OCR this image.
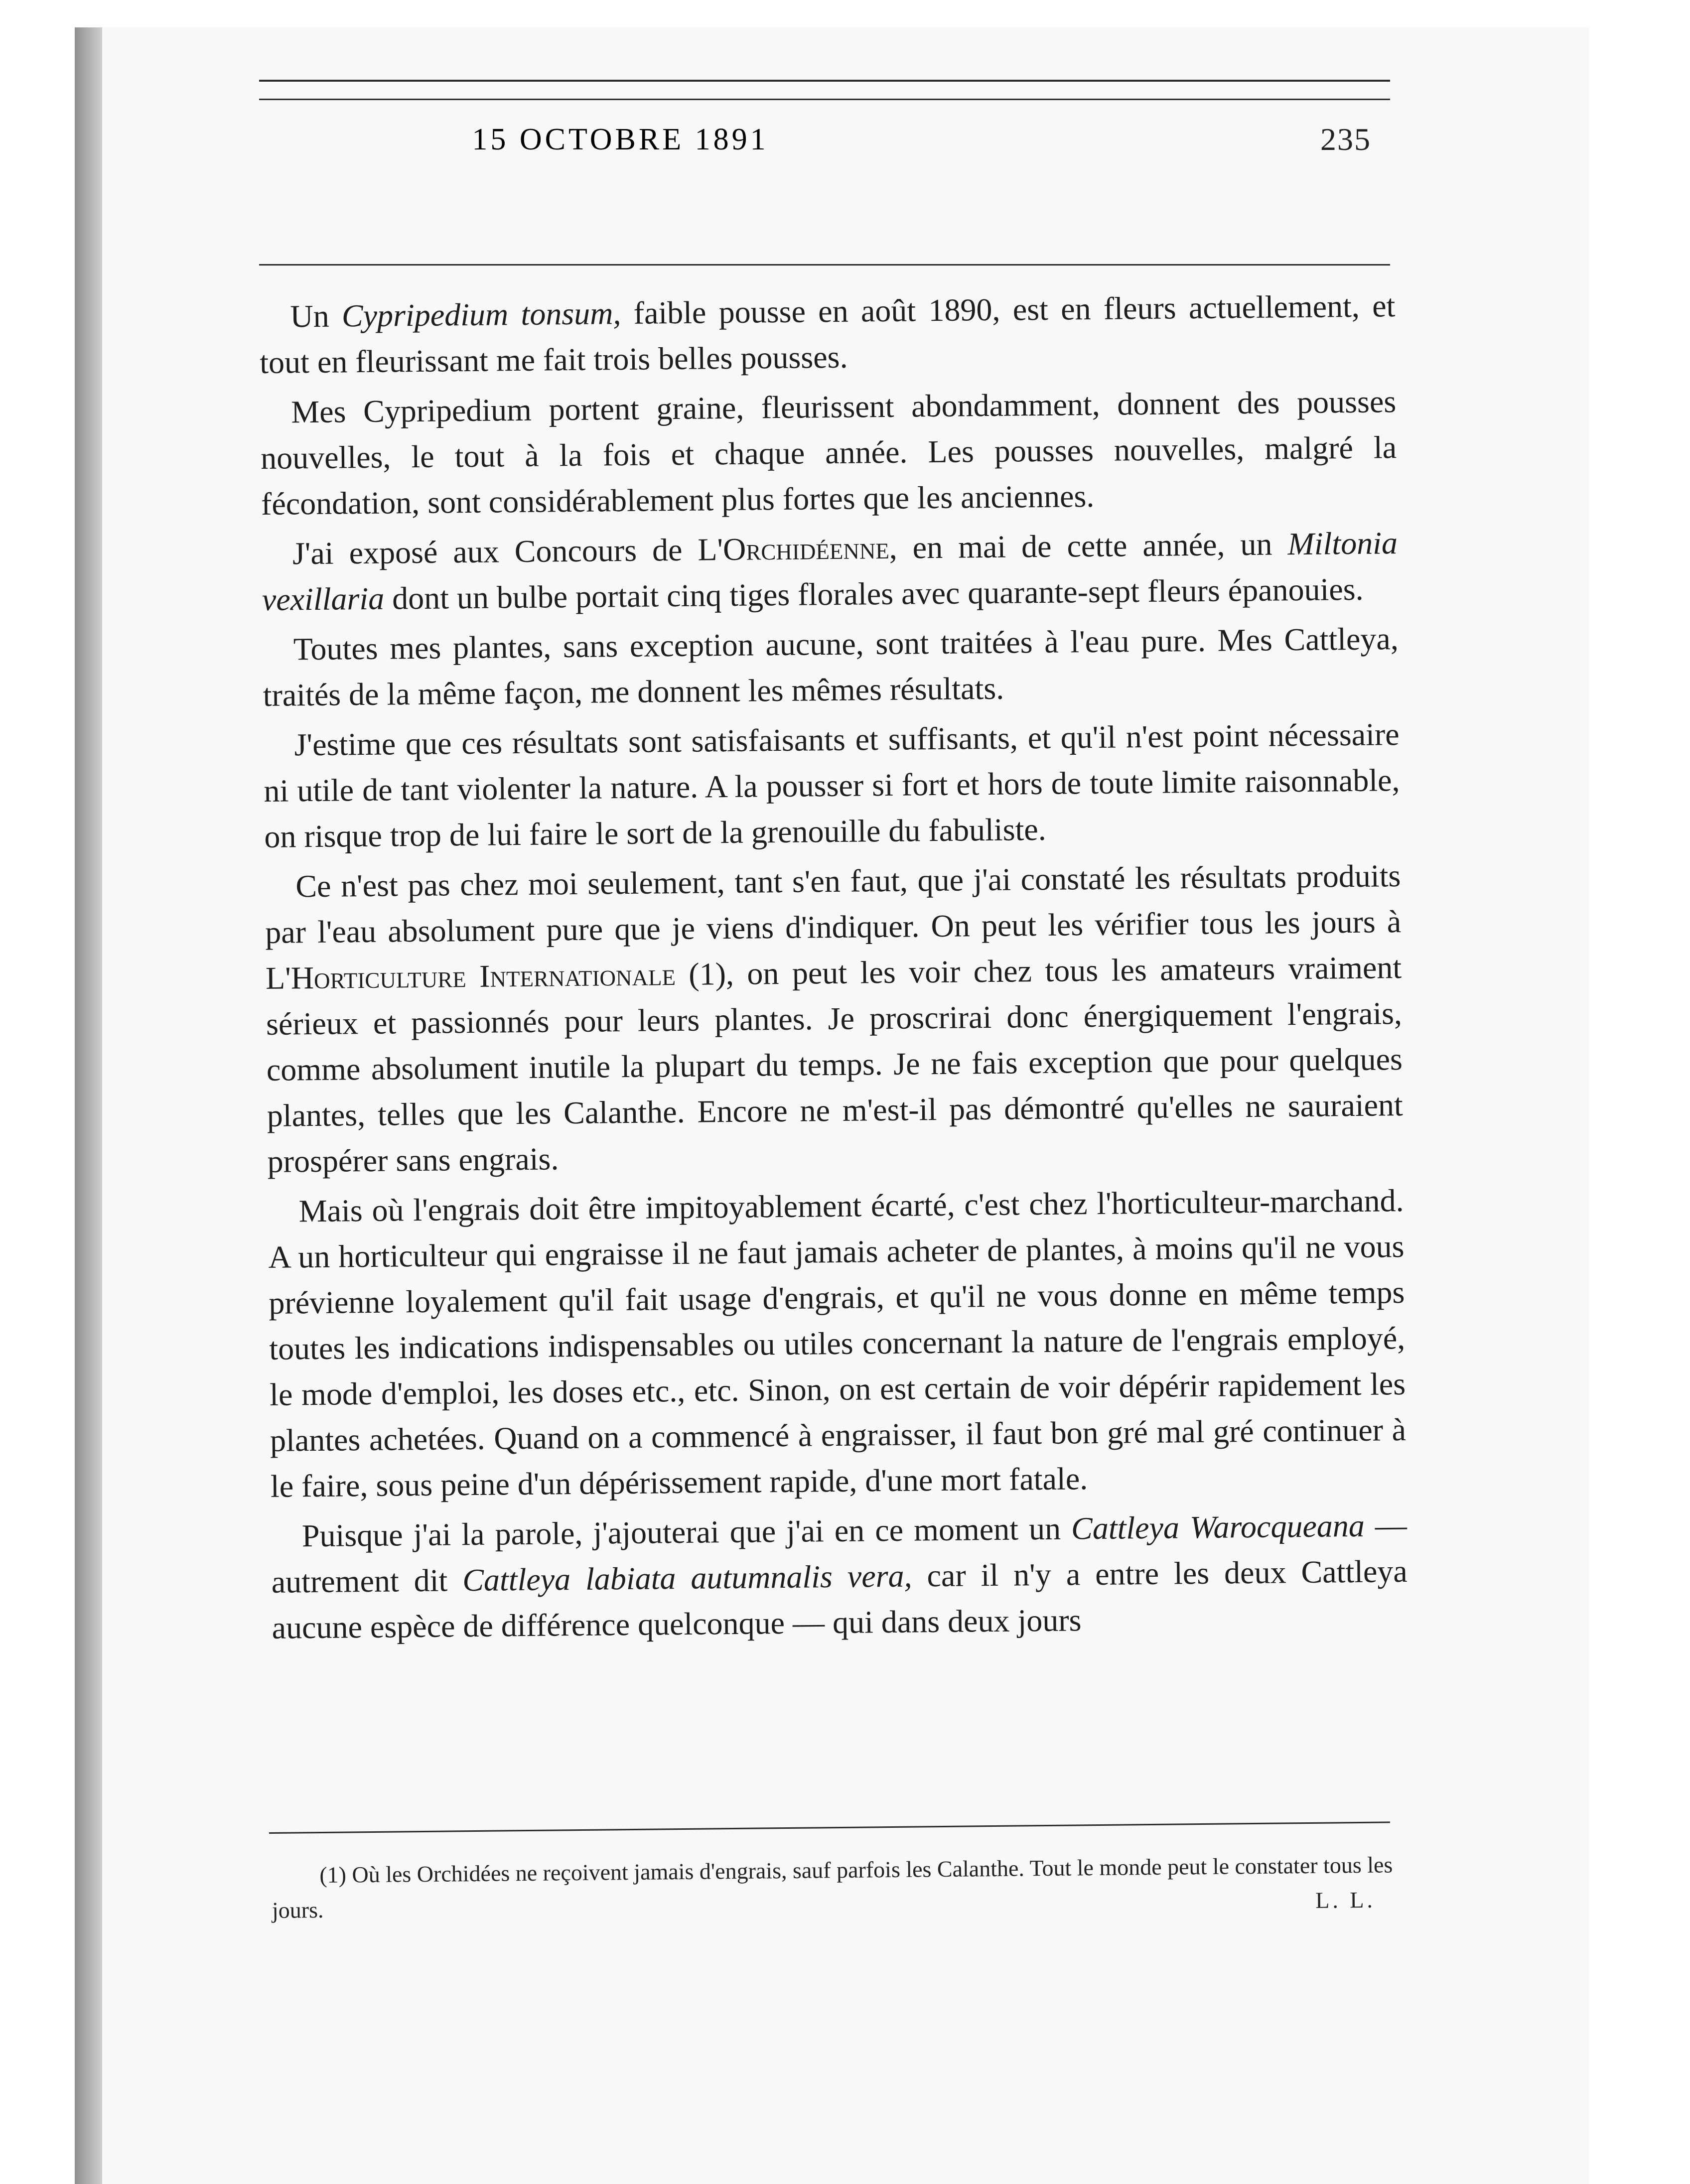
15 OCTOBRE 1891	235

Un Cypripedium tonsum, faible pousse en août 1890, est en fleurs actuellement, et tout en fleurissant me fait trois belles pousses.

Mes Cypripedium portent graine, fleurissent abondamment, donnent des pousses nouvelles, le tout à la fois et chaque année. Les pousses nouvelles, malgré la fécondation, sont considérablement plus fortes que les anciennes.

J'ai exposé aux Concours de L'Orchidéenne, en mai de cette année, un Miltonia vexillaria dont un bulbe portait cinq tiges florales avec quarante-sept fleurs épanouies.

Toutes mes plantes, sans exception aucune, sont traitées à l'eau pure. Mes Cattleya, traités de la même façon, me donnent les mêmes résultats.

J'estime que ces résultats sont satisfaisants et suffisants, et qu'il n'est point nécessaire ni utile de tant violenter la nature. A la pousser si fort et hors de toute limite raisonnable, on risque trop de lui faire le sort de la grenouille du fabuliste.

Ce n'est pas chez moi seulement, tant s'en faut, que j'ai constaté les résultats produits par l'eau absolument pure que je viens d'indiquer. On peut les vérifier tous les jours à L'Horticulture Internationale (1), on peut les voir chez tous les amateurs vraiment sérieux et passionnés pour leurs plantes. Je proscrirai donc énergiquement l'engrais, comme absolument inutile la plupart du temps. Je ne fais exception que pour quelques plantes, telles que les Calanthe. Encore ne m'est-il pas démontré qu'elles ne sauraient prospérer sans engrais.

Mais où l'engrais doit être impitoyablement écarté, c'est chez l'horticulteur-marchand. A un horticulteur qui engraisse il ne faut jamais acheter de plantes, à moins qu'il ne vous prévienne loyalement qu'il fait usage d'engrais, et qu'il ne vous donne en même temps toutes les indications indispensables ou utiles concernant la nature de l'engrais employé, le mode d'emploi, les doses etc., etc. Sinon, on est certain de voir dépérir rapidement les plantes achetées. Quand on a commencé à engraisser, il faut bon gré mal gré continuer à le faire, sous peine d'un dépérissement rapide, d'une mort fatale.

Puisque j'ai la parole, j'ajouterai que j'ai en ce moment un Cattleya Warocqueana — autrement dit Cattleya labiata autumnalis vera, car il n'y a entre les deux Cattleya aucune espèce de différence quelconque — qui dans deux jours

(1) Où les Orchidées ne reçoivent jamais d'engrais, sauf parfois les Calanthe. Tout le monde peut le constater tous les jours.	L. L.
